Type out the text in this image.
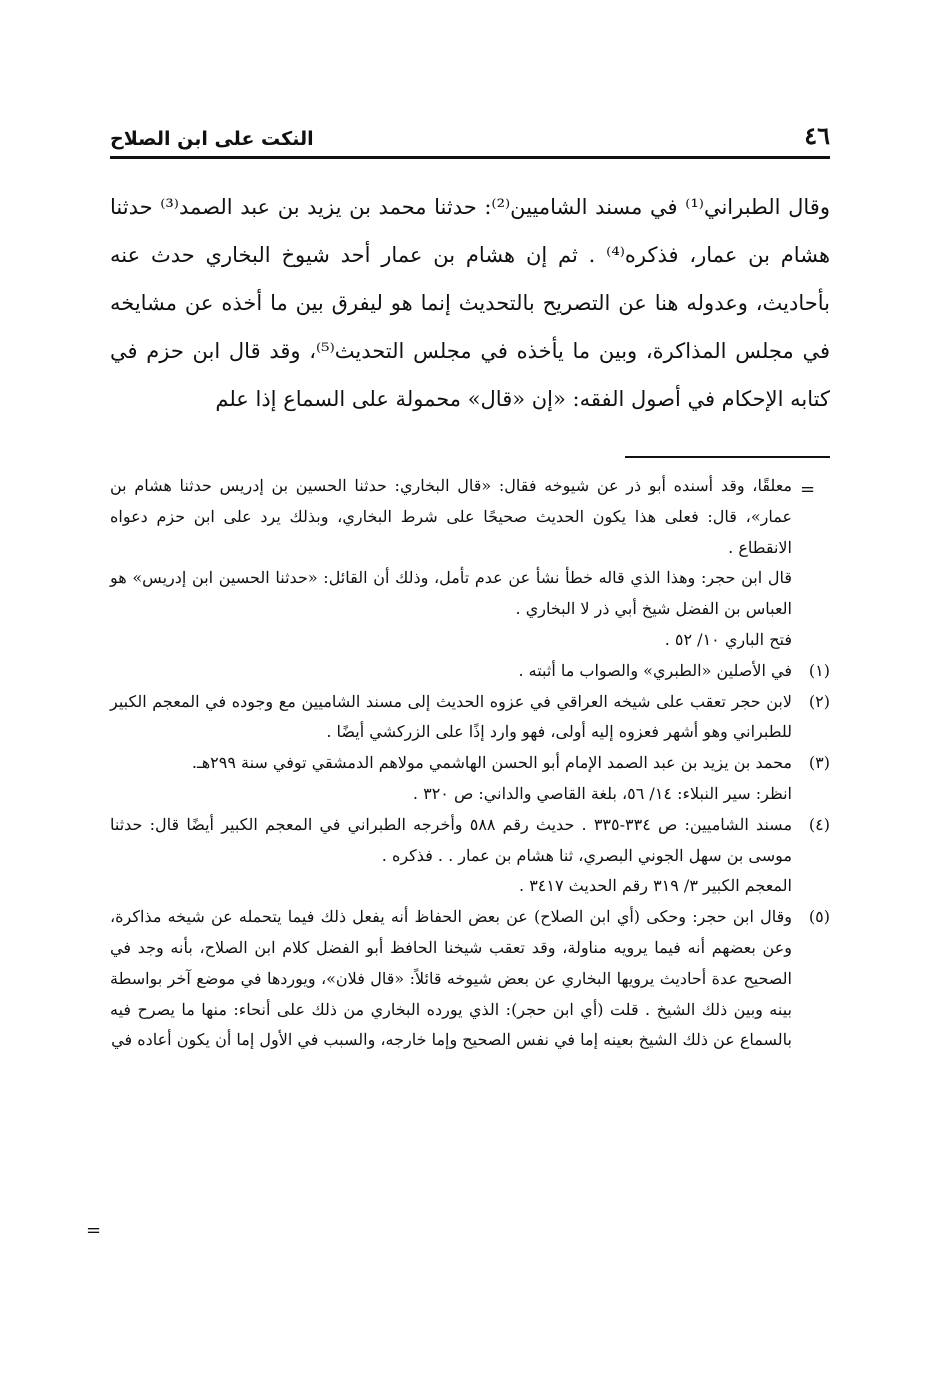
٤٦
النكت على ابن الصلاح

وقال الطبراني⁽¹⁾ في مسند الشاميين⁽²⁾: حدثنا محمد بن يزيد بن عبد الصمد⁽³⁾ حدثنا هشام بن عمار، فذكره⁽⁴⁾ . ثم إن هشام بن عمار أحد شيوخ البخاري حدث عنه بأحاديث، وعدوله هنا عن التصريح بالتحديث إنما هو ليفرق بين ما أخذه عن مشايخه في مجلس المذاكرة، وبين ما يأخذه في مجلس التحديث⁽⁵⁾، وقد قال ابن حزم في كتابه الإحكام في أصول الفقه: «إن «قال» محمولة على السماع إذا علم

=

معلقًا، وقد أسنده أبو ذر عن شيوخه فقال: «قال البخاري: حدثنا الحسين بن إدريس حدثنا هشام بن عمار»، قال: فعلى هذا يكون الحديث صحيحًا على شرط البخاري، وبذلك يرد على ابن حزم دعواه الانقطاع .

قال ابن حجر: وهذا الذي قاله خطأ نشأ عن عدم تأمل، وذلك أن القائل: «حدثنا الحسين ابن إدريس» هو العباس بن الفضل شيخ أبي ذر لا البخاري .

فتح الباري ١٠/ ٥٢ .

(١)

في الأصلين «الطبري» والصواب ما أثبته .

(٢)

لابن حجر تعقب على شيخه العراقي في عزوه الحديث إلى مسند الشاميين مع وجوده في المعجم الكبير للطبراني وهو أشهر فعزوه إليه أولى، فهو وارد إذًا على الزركشي أيضًا .

(٣)

محمد بن يزيد بن عبد الصمد الإمام أبو الحسن الهاشمي مولاهم الدمشقي توفي سنة ٢٩٩هـ.

انظر: سير النبلاء: ١٤/ ٥٦، بلغة القاصي والداني: ص ٣٢٠ .

(٤)

مسند الشاميين: ص ٣٣٤-٣٣٥ . حديث رقم ٥٨٨ وأخرجه الطبراني في المعجم الكبير أيضًا قال: حدثنا موسى بن سهل الجوني البصري، ثنا هشام بن عمار . . فذكره .

المعجم الكبير ٣/ ٣١٩ رقم الحديث ٣٤١٧ .

(٥)

وقال ابن حجر: وحكى (أي ابن الصلاح) عن بعض الحفاظ أنه يفعل ذلك فيما يتحمله عن شيخه مذاكرة، وعن بعضهم أنه فيما يرويه مناولة، وقد تعقب شيخنا الحافظ أبو الفضل كلام ابن الصلاح، بأنه وجد في الصحيح عدة أحاديث يرويها البخاري عن بعض شيوخه قائلاً: «قال فلان»، ويوردها في موضع آخر بواسطة بينه وبين ذلك الشيخ . قلت (أي ابن حجر): الذي يورده البخاري من ذلك على أنحاء: منها ما يصرح فيه بالسماع عن ذلك الشيخ بعينه إما في نفس الصحيح وإما خارجه، والسبب في الأول إما أن يكون أعاده في

=
